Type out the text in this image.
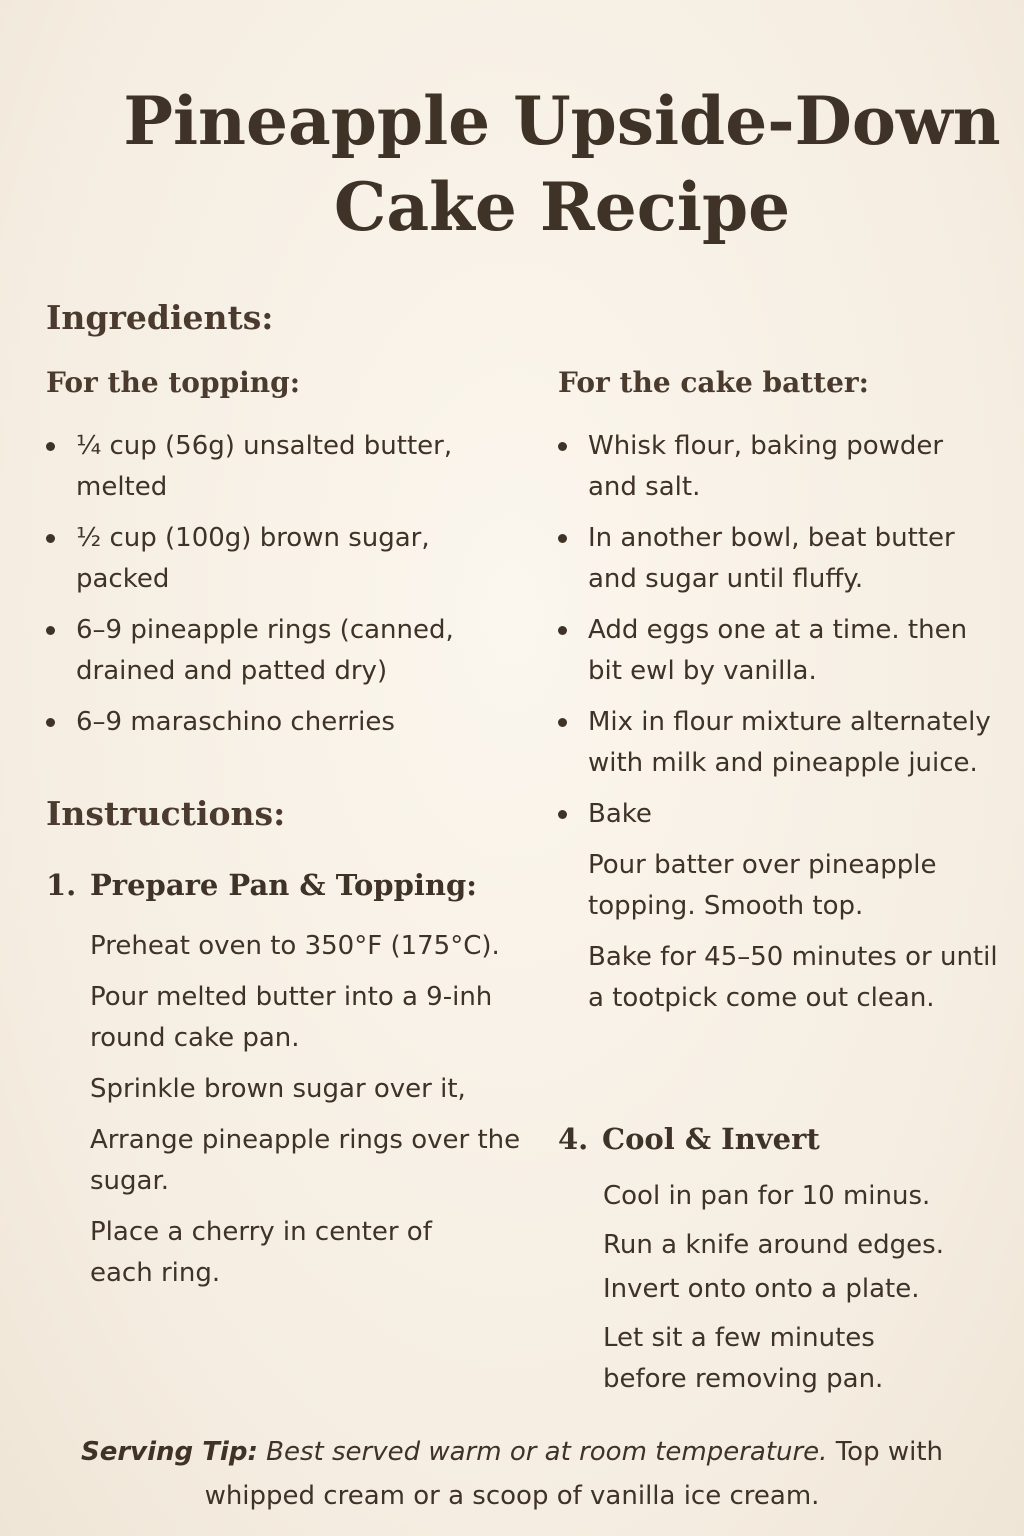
Pineapple Upside-Down
Cake Recipe
Ingredients:
For the topping:
¼ cup (56g) unsalted butter, melted
½ cup (100g) brown sugar, packed
6–9 pineapple rings (canned, drained and patted dry)
6–9 maraschino cherries
Instructions:
1. Prepare Pan & Topping:

Preheat oven to 350°F (175°C).

Pour melted butter into a 9-inh round cake pan.

Sprinkle brown sugar over it,

Arrange pineapple rings over the sugar.

Place a cherry in center of each ring.

For the cake batter:
Whisk flour, baking powder and salt.
In another bowl, beat butter and sugar until fluffy.
Add eggs one at a time. then bit ewl by vanilla.
Mix in flour mixture alternately with milk and pineapple juice.
Bake

Pour batter over pineapple topping. Smooth top.

Bake for 45–50 minutes or until a tootpick come out clean.

4. Cool & Invert

Cool in pan for 10 minus.

Run a knife around edges.

Invert onto onto a plate.

Let sit a few minutes before removing pan.

Serving Tip: Best served warm or at room temperature. Top with whipped cream or a scoop of vanilla ice cream.
